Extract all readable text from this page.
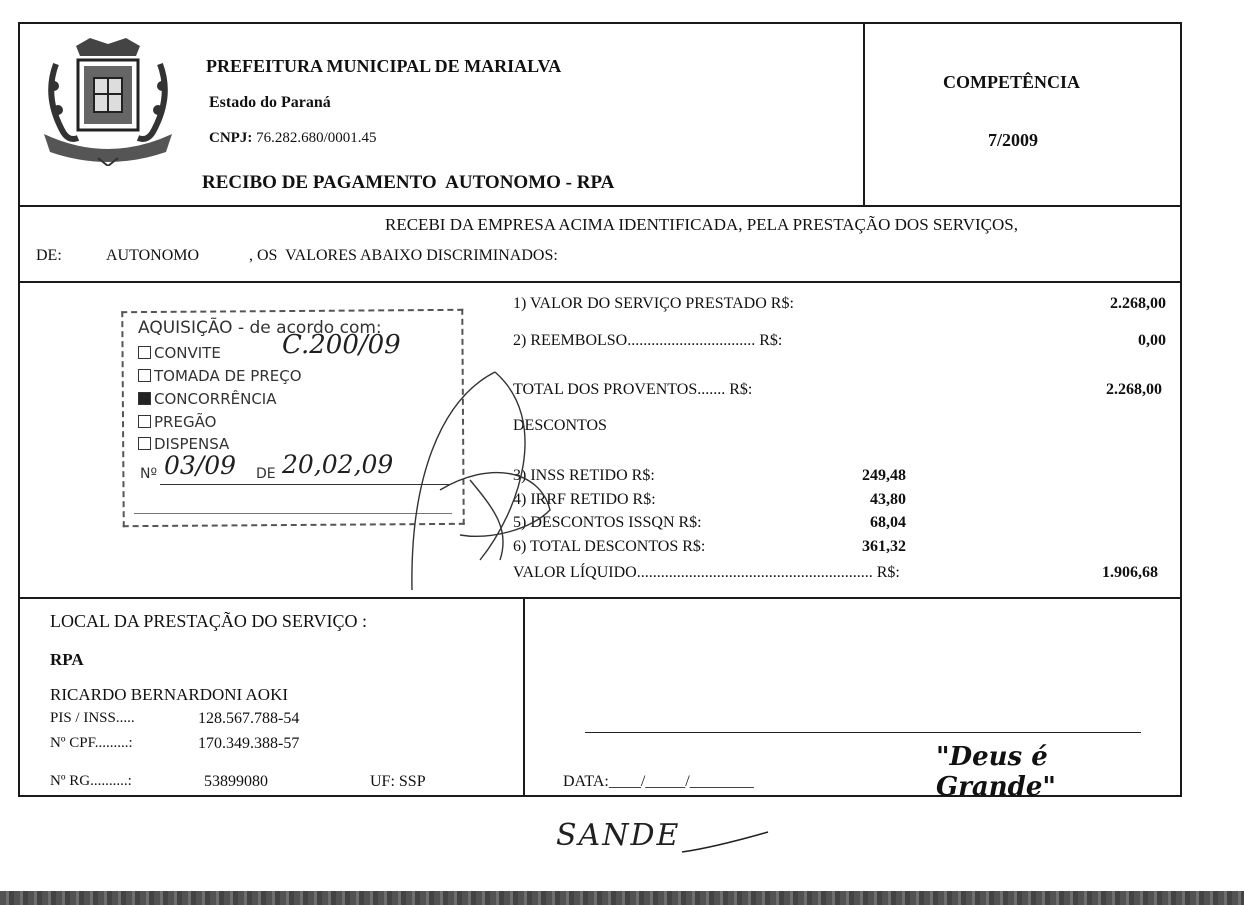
PREFEITURA MUNICIPAL DE MARIALVA
Estado do Paraná
CNPJ: 76.282.680/0001.45
RECIBO DE PAGAMENTO  AUTONOMO - RPA
COMPETÊNCIA
7/2009
RECEBI DA EMPRESA ACIMA IDENTIFICADA, PELA PRESTAÇÃO DOS SERVIÇOS,
DE:	AUTONOMO	, OS  VALORES ABAIXO DISCRIMINADOS:
AQUISIÇÃO - de acordo com:
CONVITE
TOMADA DE PREÇO
CONCORRÊNCIA
PREGÃO
DISPENSA
C.200/09
Nº 03/09 DE 20,02,09
1) VALOR DO SERVIÇO PRESTADO R$:	2.268,00
2) REEMBOLSO................................ R$:	0,00
TOTAL DOS PROVENTOS....... R$:	2.268,00
DESCONTOS
3) INSS RETIDO R$:	249,48
4) IRRF RETIDO R$:	43,80
5) DESCONTOS ISSQN R$:	68,04
6) TOTAL DESCONTOS R$:	361,32
VALOR LÍQUIDO........................................................... R$:	1.906,68
LOCAL DA PRESTAÇÃO DO SERVIÇO :
RPA
RICARDO BERNARDONI AOKI
PIS / INSS.....	128.567.788-54
Nº CPF.........:	170.349.388-57
Nº RG..........:	53899080	UF: SSP	DATA:____/_____/________
"Deus é Grande"
SANDE
